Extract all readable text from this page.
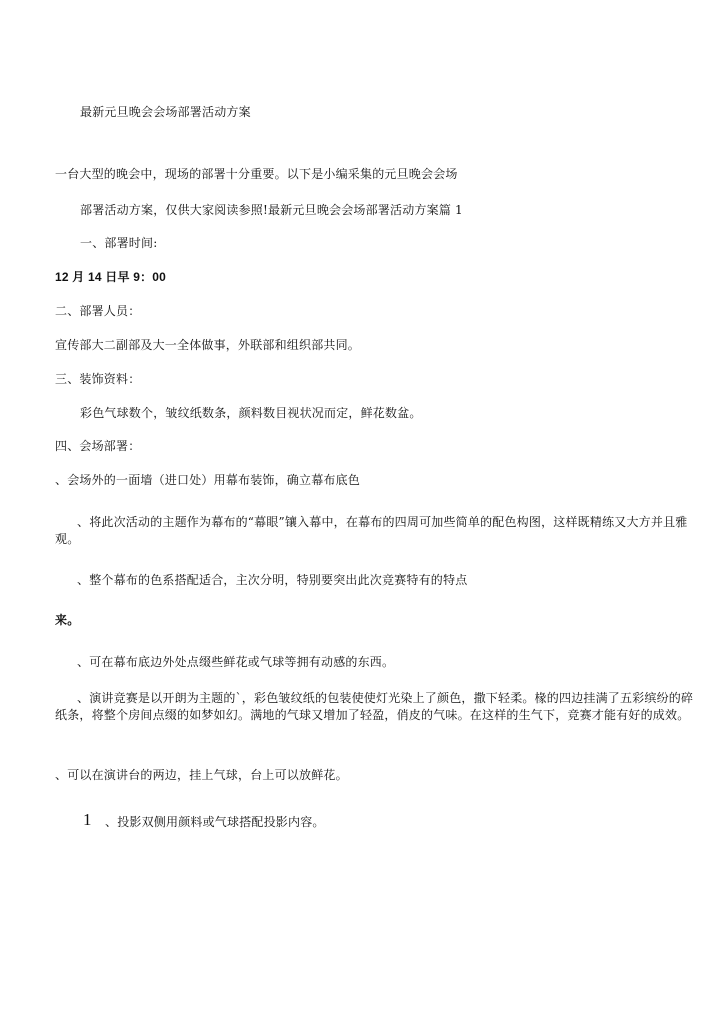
最新元旦晚会会场部署活动方案
一台大型的晚会中，现场的部署十分重要。以下是小编采集的元旦晚会会场
部署活动方案，仅供大家阅读参照!最新元旦晚会会场部署活动方案篇 1
一、部署时间:
12 月 14 日早 9：00
二、部署人员：
宣传部大二副部及大一全体做事，外联部和组织部共同。
三、装饰资料：
彩色气球数个，皱纹纸数条，颜料数目视状况而定，鲜花数盆。
四、会场部署：
、会场外的一面墙（进口处）用幕布装饰，确立幕布底色
、将此次活动的主题作为幕布的“幕眼”镶入幕中，在幕布的四周可加些简单的配色构图，这样既精练又大方并且雅观。
、整个幕布的色系搭配适合，主次分明，特别要突出此次竞赛特有的特点
来。
、可在幕布底边外处点缀些鲜花或气球等拥有动感的东西。
、演讲竞赛是以开朗为主题的`，彩色皱纹纸的包装使使灯光染上了颜色，撒下轻柔。椽的四边挂满了五彩缤纷的碎纸条，将整个房间点缀的如梦如幻。满地的气球又增加了轻盈，俏皮的气味。在这样的生气下，竞赛才能有好的成效。
、可以在演讲台的两边，挂上气球，台上可以放鲜花。
1 、投影双侧用颜料或气球搭配投影内容。
